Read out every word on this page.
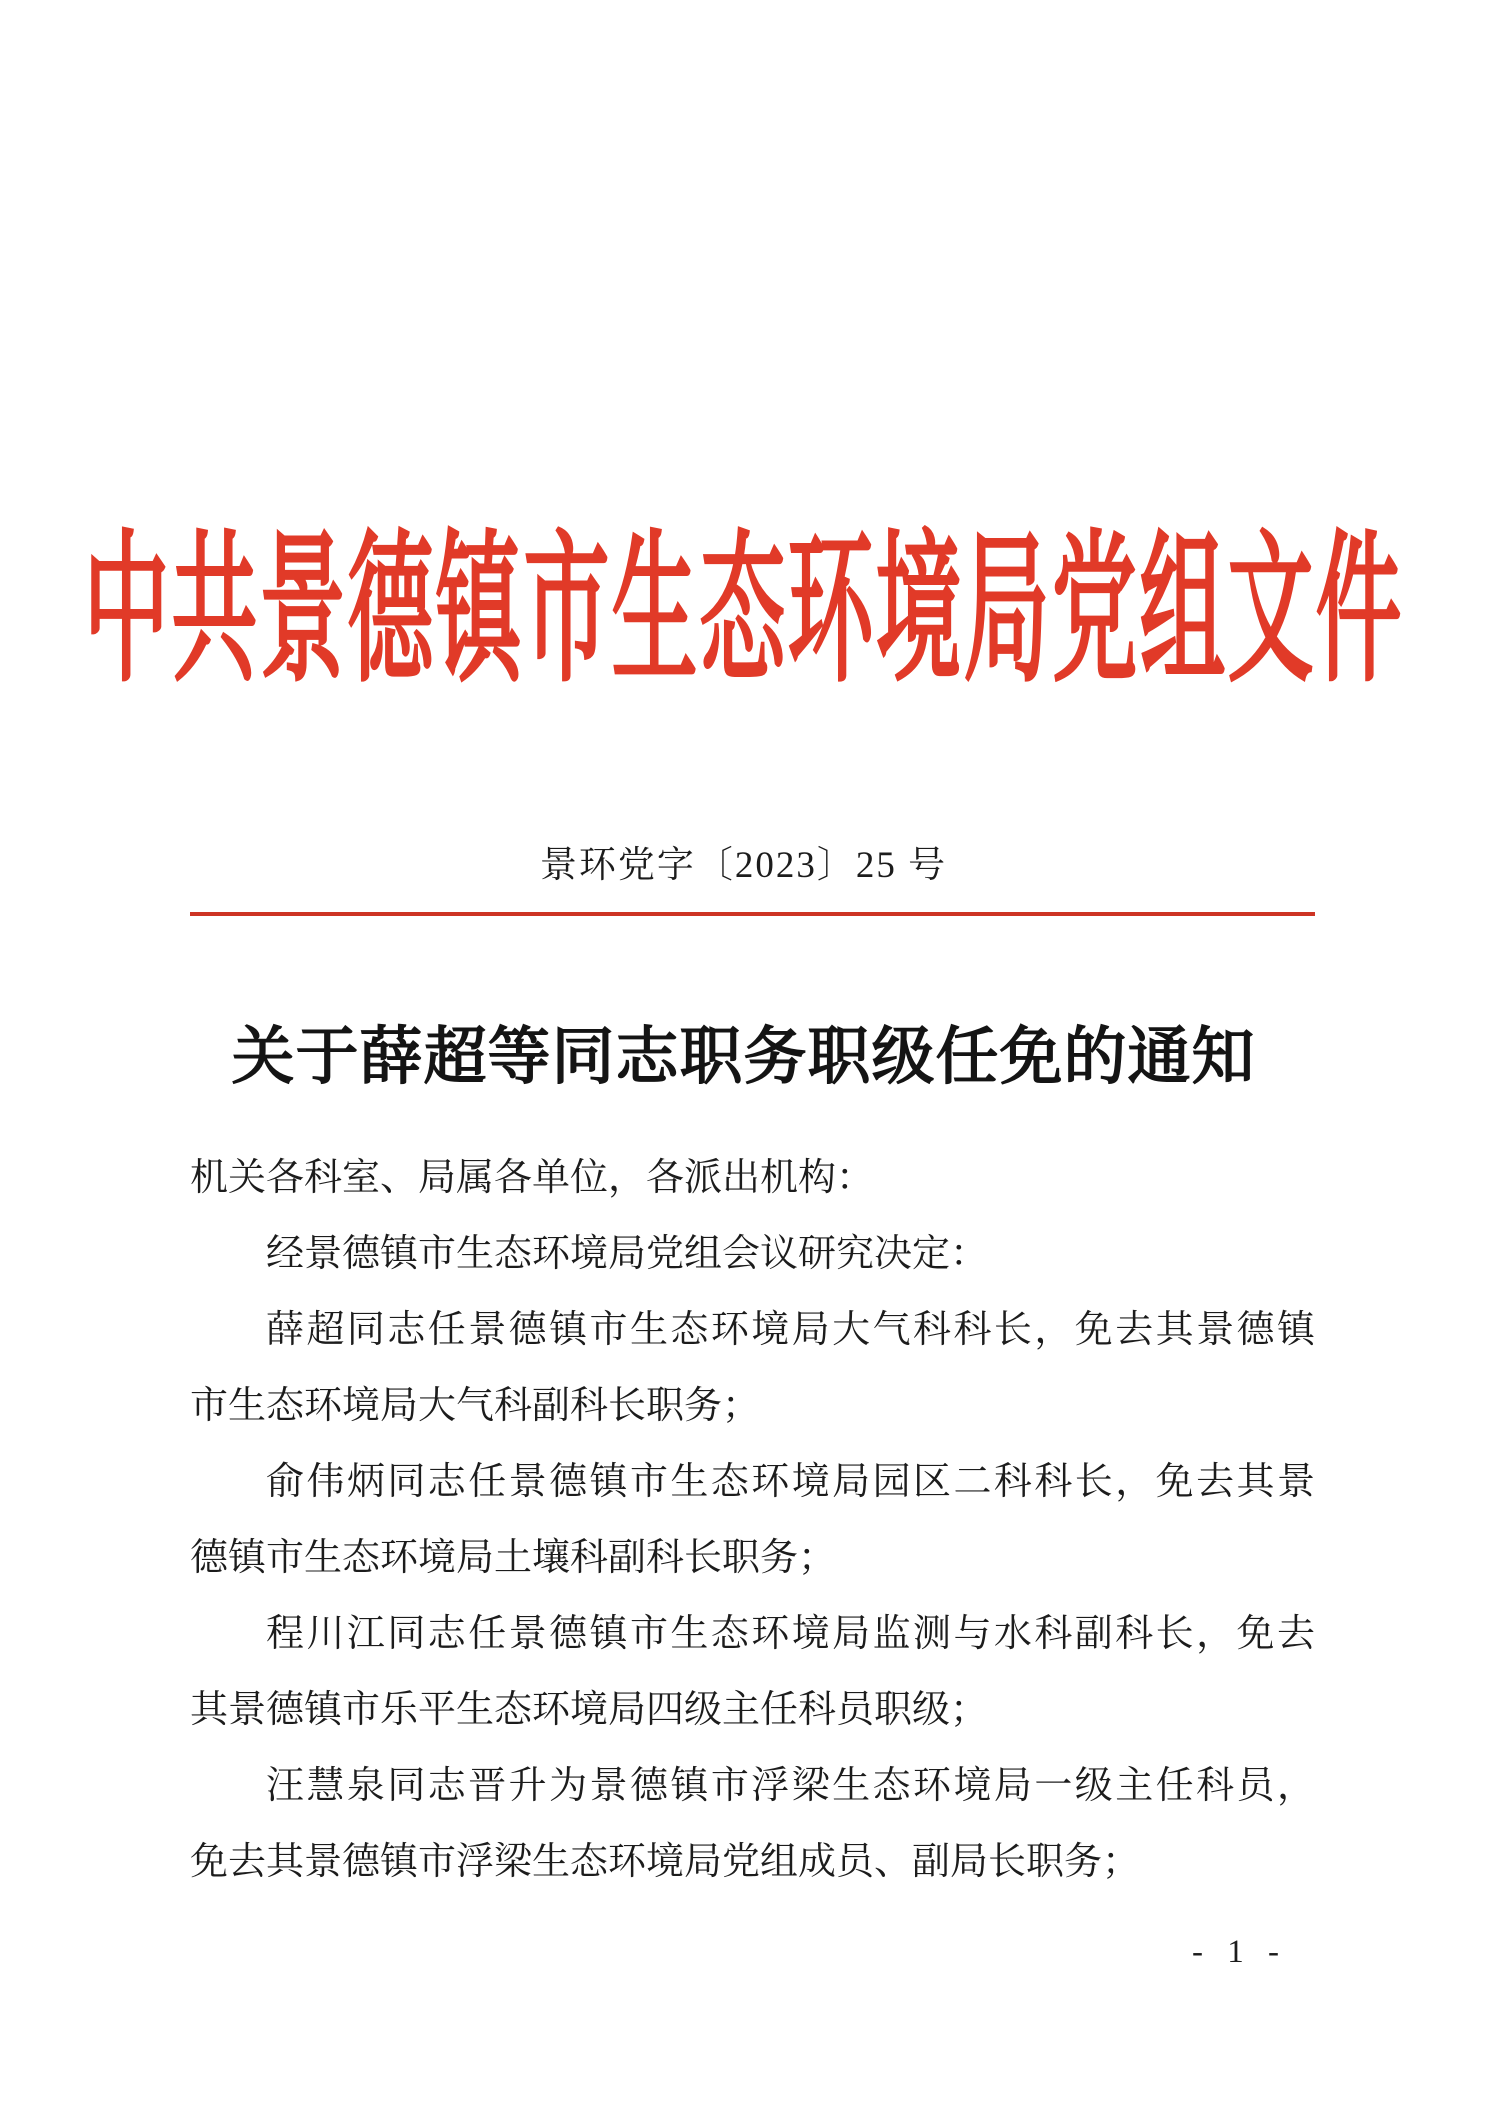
中共景德镇市生态环境局党组文件
景环党字〔2023〕25 号
关于薛超等同志职务职级任免的通知
机关各科室、局属各单位，各派出机构：
经景德镇市生态环境局党组会议研究决定：
薛超同志任景德镇市生态环境局大气科科长，免去其景德镇
市生态环境局大气科副科长职务；
俞伟炳同志任景德镇市生态环境局园区二科科长，免去其景
德镇市生态环境局土壤科副科长职务；
程川江同志任景德镇市生态环境局监测与水科副科长，免去
其景德镇市乐平生态环境局四级主任科员职级；
汪慧泉同志晋升为景德镇市浮梁生态环境局一级主任科员，
免去其景德镇市浮梁生态环境局党组成员、副局长职务；
- 1 -
